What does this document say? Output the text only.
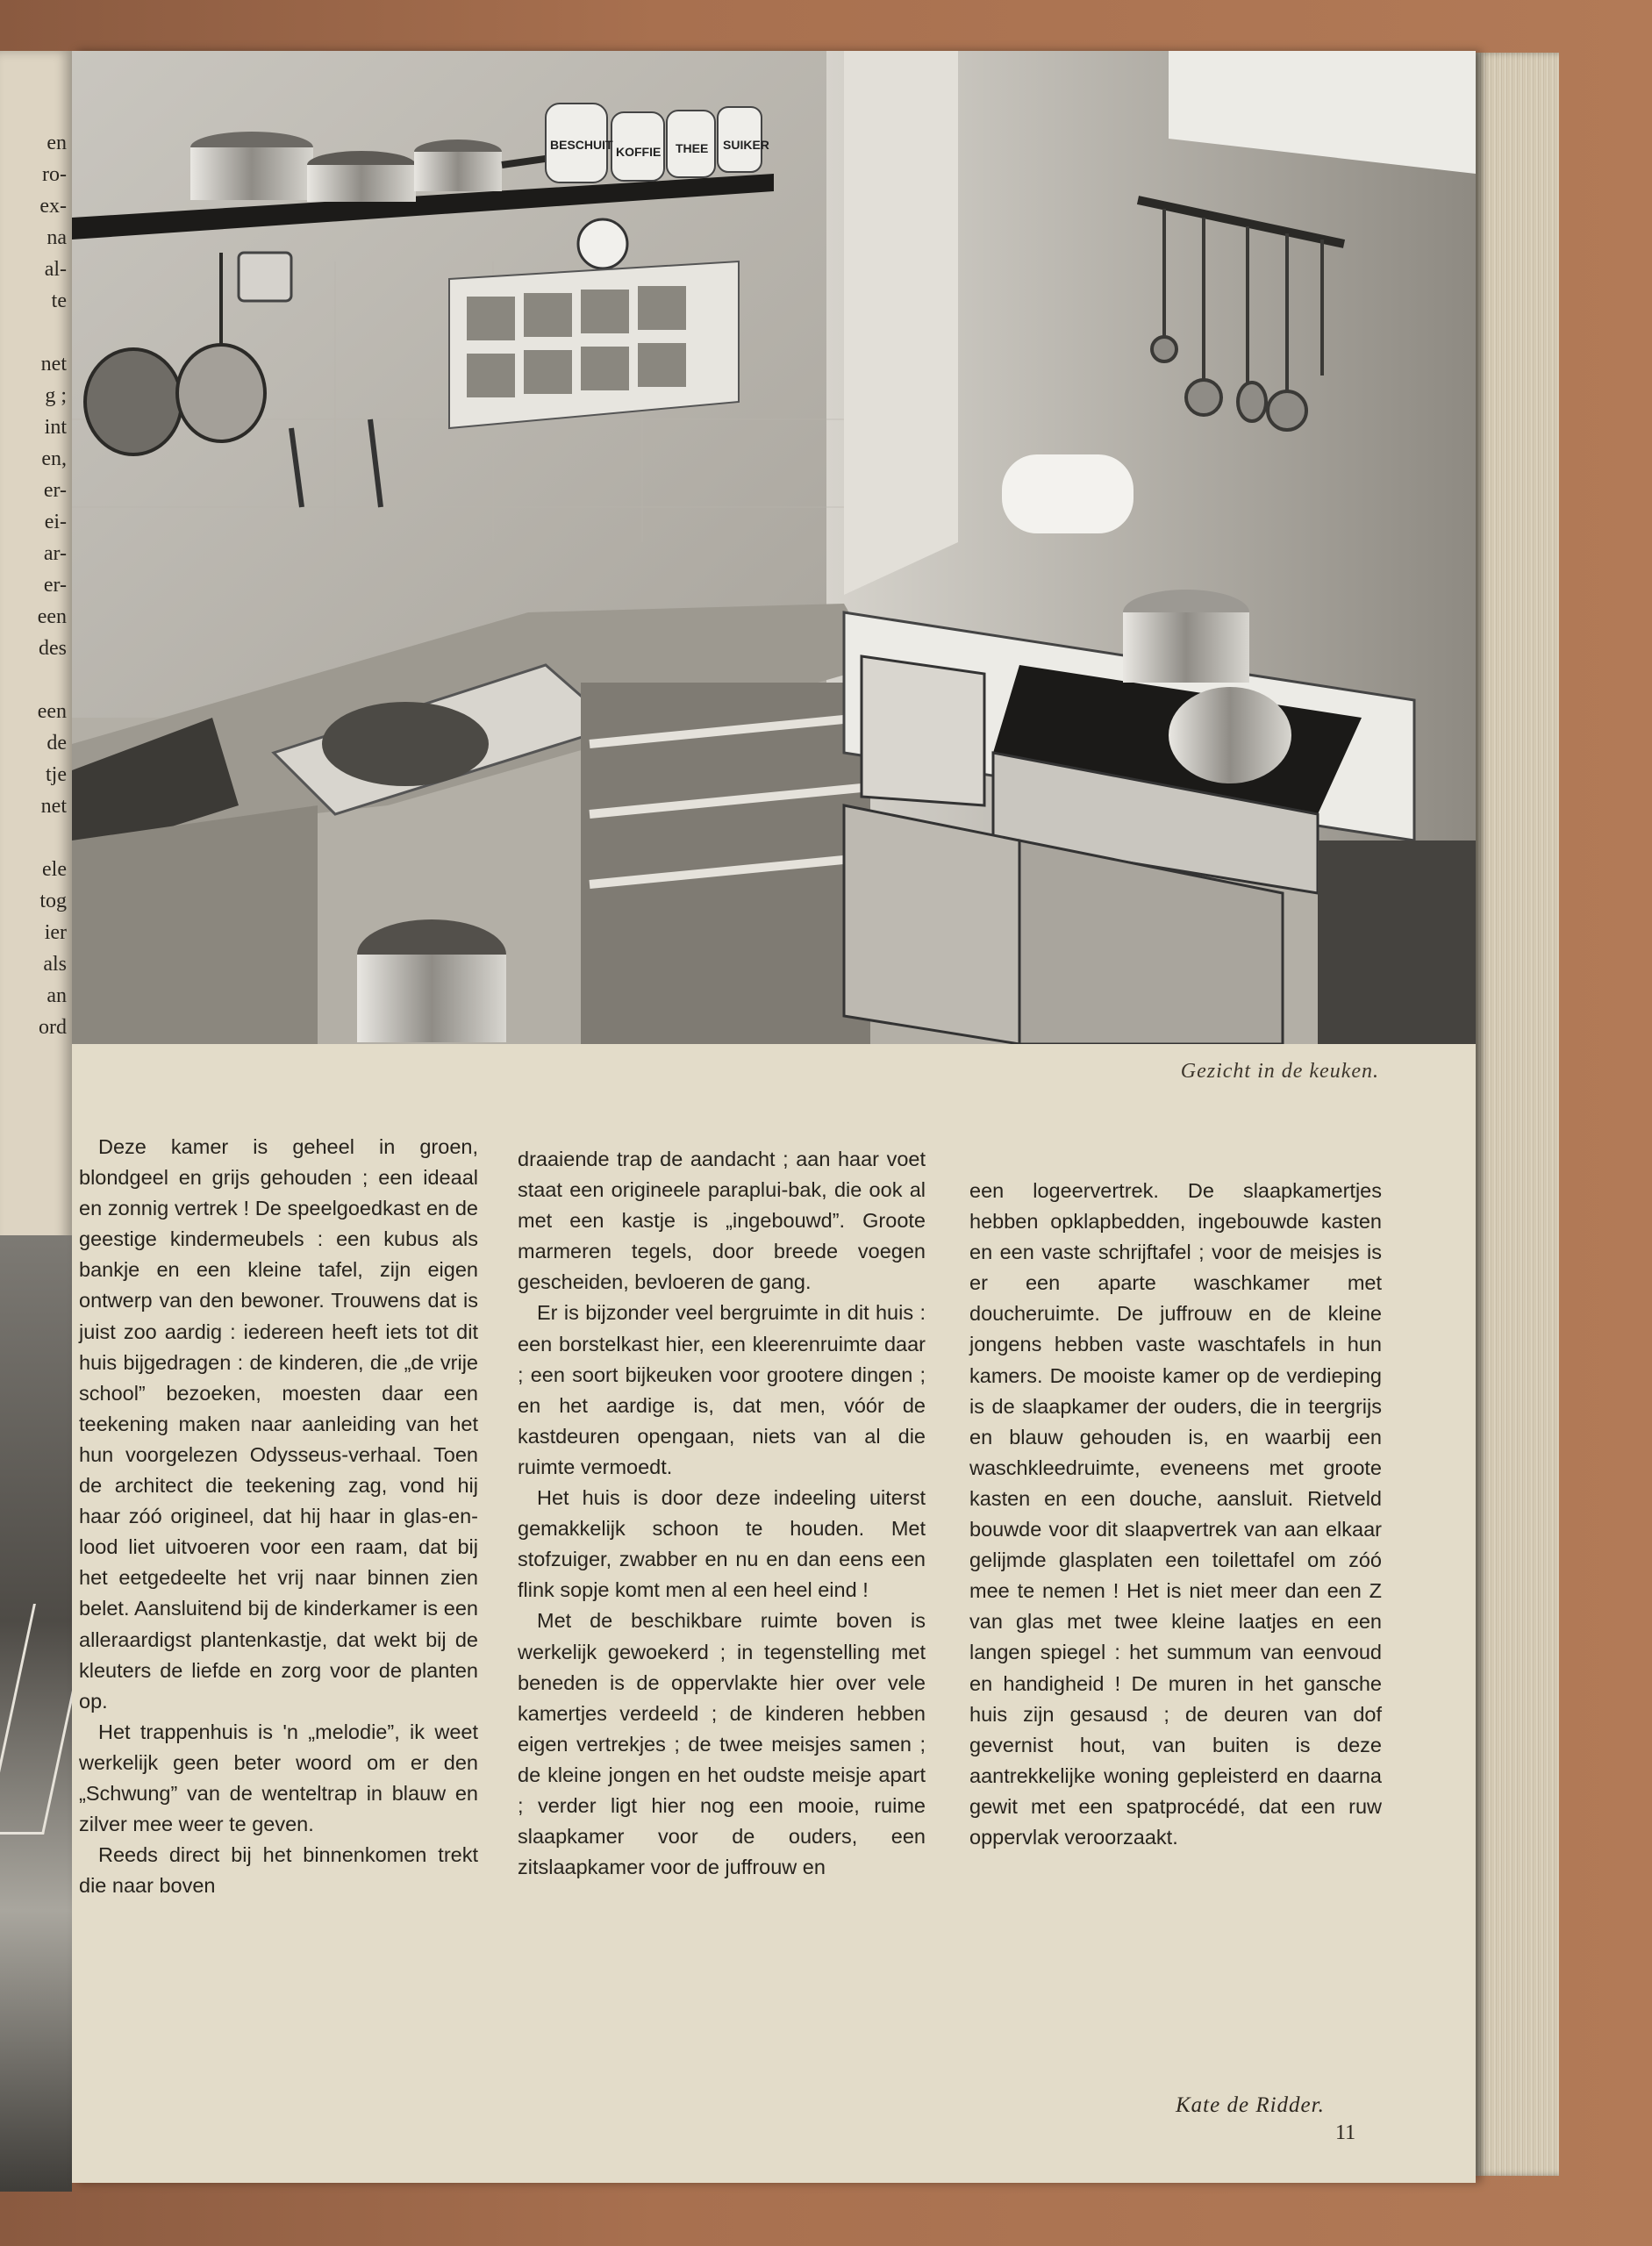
en
ro-
ex-
na
al-
te
net
g ;
int
en,
er-
ei-
ar-
er-
een
des
een
de
tje
net
ele
tog
ier
als
an
ord
BESCHUIT KOFFIE THEE SUIKER
Gezicht in de keuken.

Deze kamer is geheel in groen, blondgeel en grijs gehouden ; een ideaal en zonnig vertrek ! De speelgoedkast en de geestige kindermeubels : een kubus als bankje en een kleine tafel, zijn eigen ontwerp van den bewoner. Trouwens dat is juist zoo aardig : iedereen heeft iets tot dit huis bijgedragen : de kinderen, die „de vrije school” bezoeken, moesten daar een teekening maken naar aanleiding van het hun voorgelezen Odysseus-verhaal. Toen de architect die teekening zag, vond hij haar zóó origineel, dat hij haar in glas-en-lood liet uitvoeren voor een raam, dat bij het eetgedeelte het vrij naar binnen zien belet. Aansluitend bij de kinderkamer is een alleraardigst plantenkastje, dat wekt bij de kleuters de liefde en zorg voor de planten op.

Het trappenhuis is 'n „melodie”, ik weet werkelijk geen beter woord om er den „Schwung” van de wenteltrap in blauw en zilver mee weer te geven.

Reeds direct bij het binnenkomen trekt die naar boven

draaiende trap de aandacht ; aan haar voet staat een origineele paraplui-bak, die ook al met een kastje is „ingebouwd”. Groote marmeren tegels, door breede voegen gescheiden, bevloeren de gang.

Er is bijzonder veel bergruimte in dit huis : een borstelkast hier, een kleerenruimte daar ; een soort bijkeuken voor grootere dingen ; en het aardige is, dat men, vóór de kastdeuren opengaan, niets van al die ruimte vermoedt.

Het huis is door deze indeeling uiterst gemakkelijk schoon te houden. Met stofzuiger, zwabber en nu en dan eens een flink sopje komt men al een heel eind !

Met de beschikbare ruimte boven is werkelijk gewoekerd ; in tegenstelling met beneden is de oppervlakte hier over vele kamertjes verdeeld ; de kinderen hebben eigen vertrekjes ; de twee meisjes samen ; de kleine jongen en het oudste meisje apart ; verder ligt hier nog een mooie, ruime slaapkamer voor de ouders, een zitslaapkamer voor de juffrouw en

een logeervertrek. De slaapkamertjes hebben opklapbedden, ingebouwde kasten en een vaste schrijftafel ; voor de meisjes is er een aparte waschkamer met doucheruimte. De juffrouw en de kleine jongens hebben vaste waschtafels in hun kamers. De mooiste kamer op de verdieping is de slaapkamer der ouders, die in teergrijs en blauw gehouden is, en waarbij een waschkleedruimte, eveneens met groote kasten en een douche, aansluit. Rietveld bouwde voor dit slaapvertrek van aan elkaar gelijmde glasplaten een toilettafel om zóó mee te nemen ! Het is niet meer dan een Z van glas met twee kleine laatjes en een langen spiegel : het summum van eenvoud en handigheid ! De muren in het gansche huis zijn gesausd ; de deuren van dof gevernist hout, van buiten is deze aantrekkelijke woning gepleisterd en daarna gewit met een spatprocédé, dat een ruw oppervlak veroorzaakt.

Kate de Ridder.
11
